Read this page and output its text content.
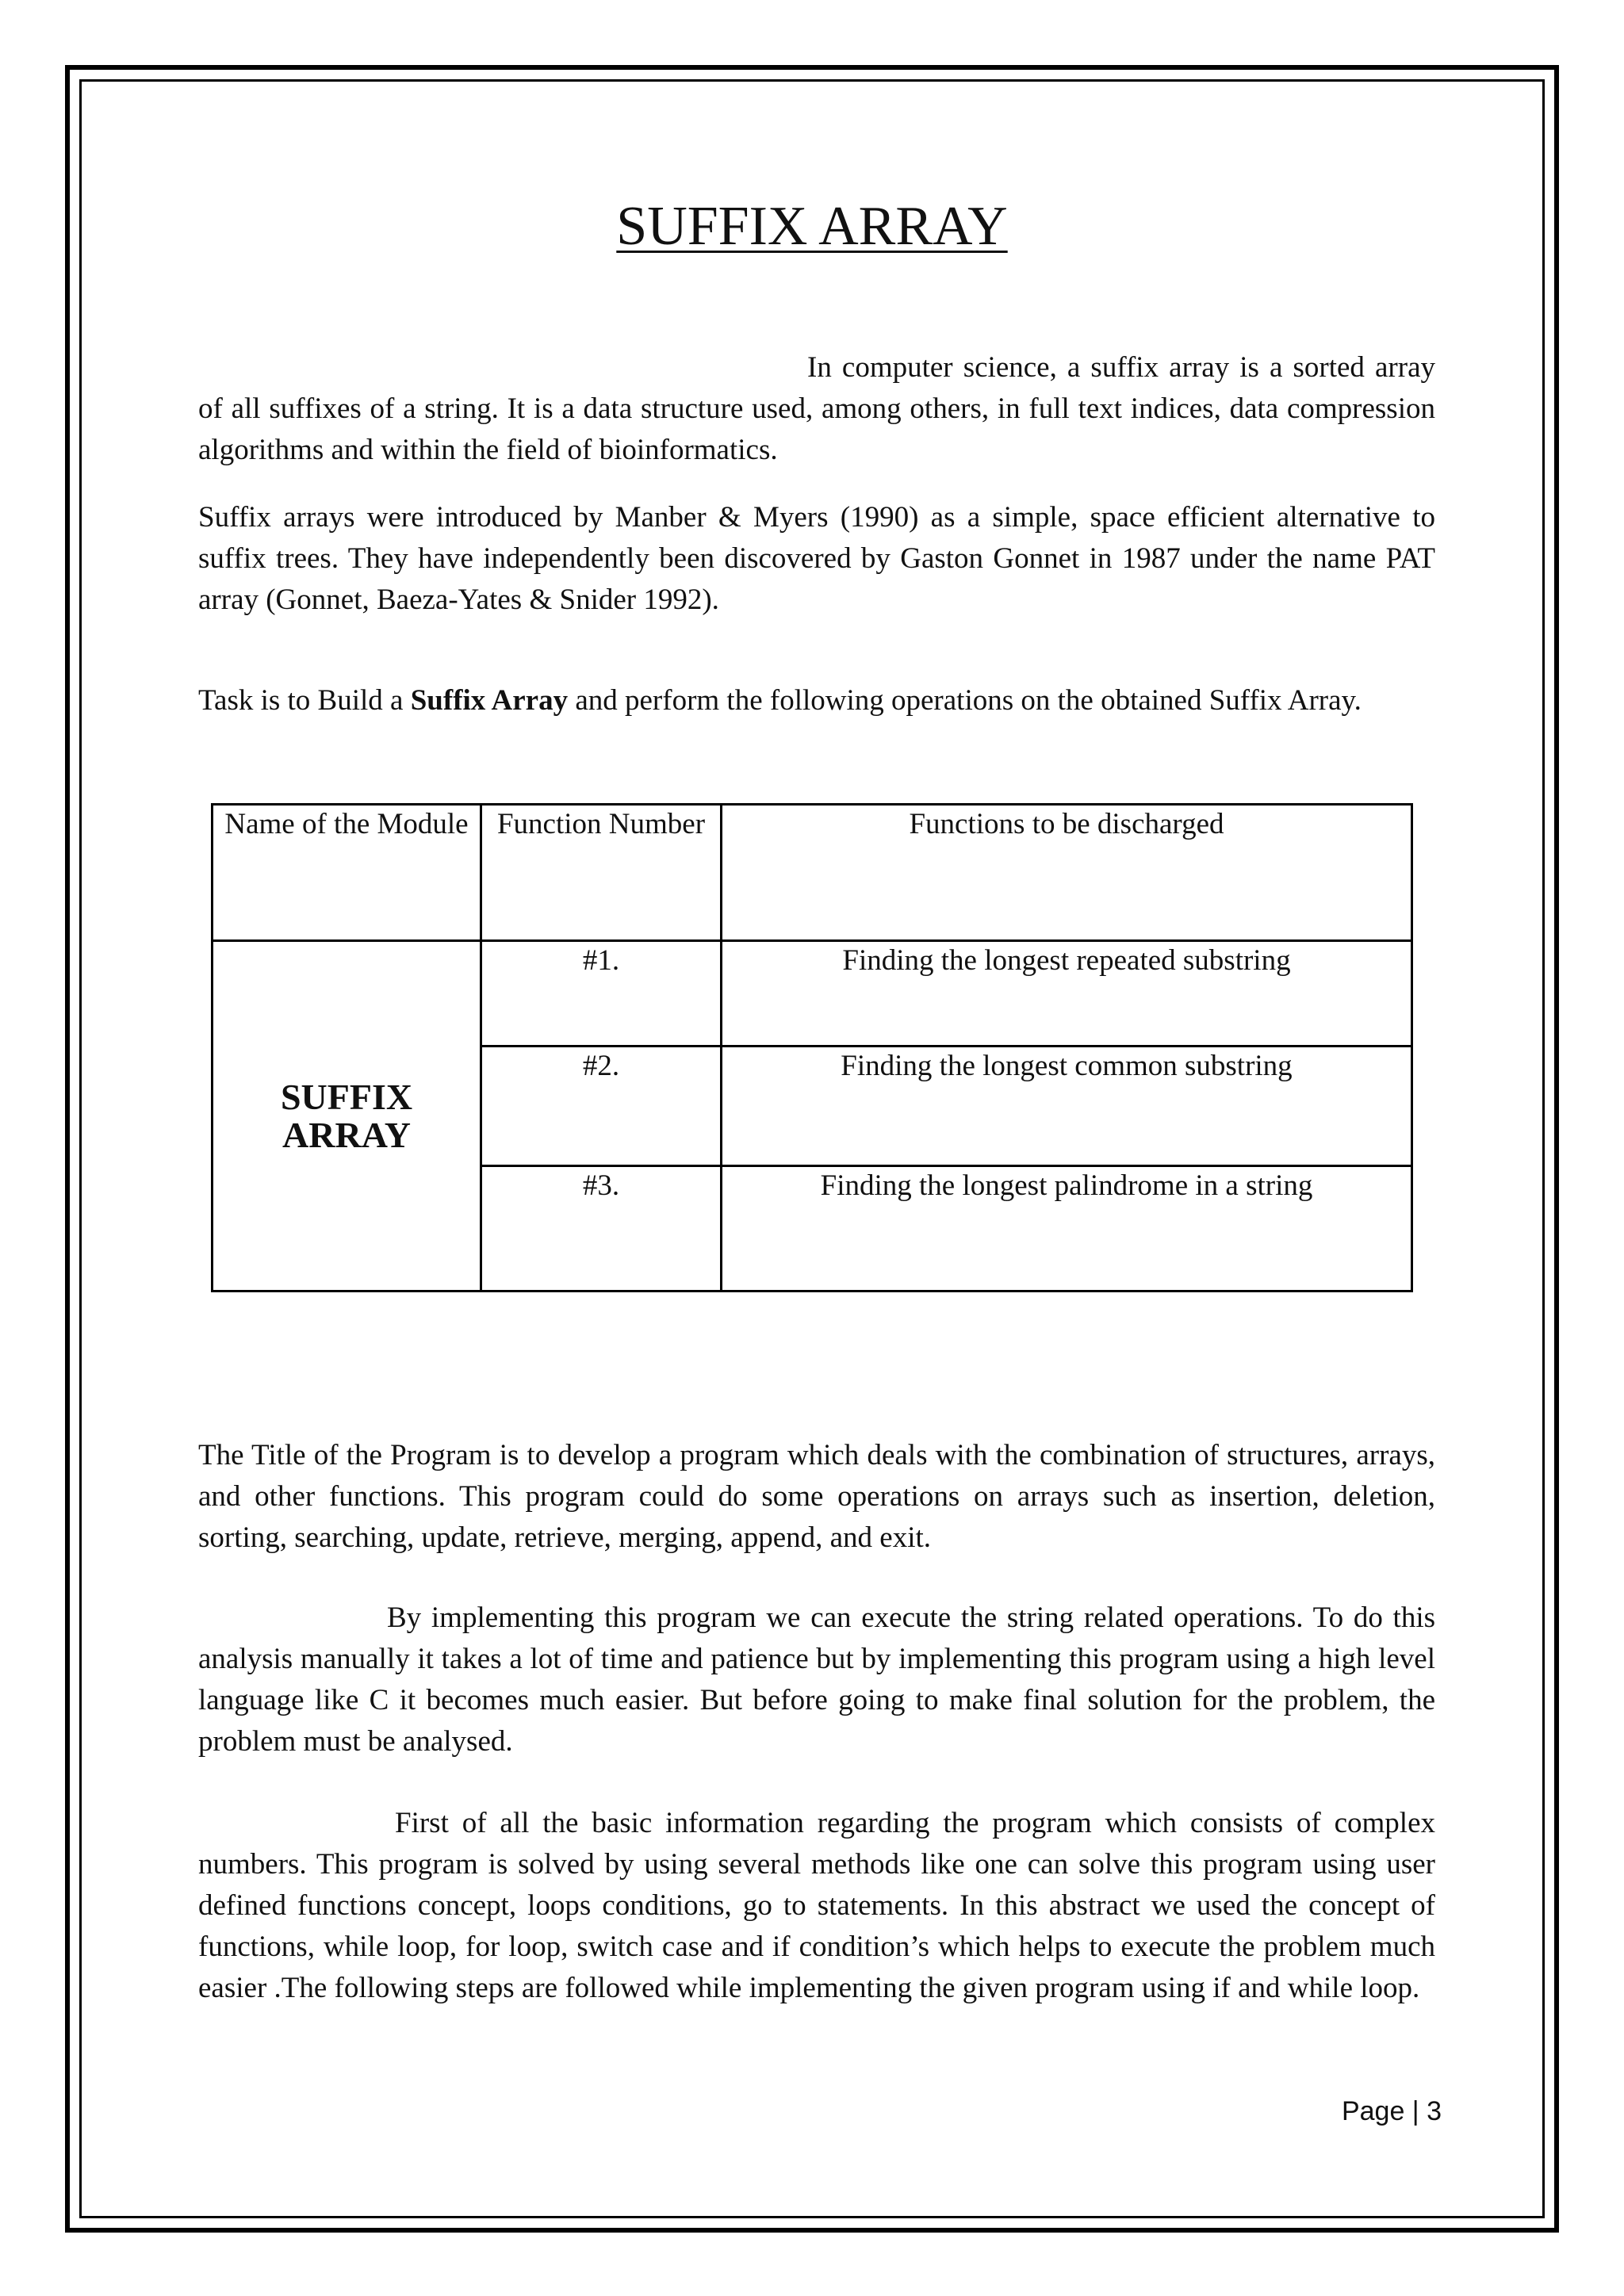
SUFFIX ARRAY

In computer science, a suffix array is a sorted array of all suffixes of a string. It is a data structure used, among others, in full text indices, data compression algorithms and within the field of bioinformatics.

Suffix arrays were introduced by Manber & Myers (1990) as a simple, space efficient alternative to suffix trees. They have independently been discovered by Gaston Gonnet in 1987 under the name PAT array (Gonnet, Baeza-Yates & Snider 1992).

Task is to Build a Suffix Array and perform the following operations on the obtained Suffix Array.

Name of the Module	Function Number	Functions to be discharged
SUFFIX ARRAY	#1.	Finding the longest repeated substring
	#2.	Finding the longest common substring
	#3.	Finding the longest palindrome in a string

The Title of the Program is to develop a program which deals with the combination of structures, arrays, and other functions. This program could do some operations on arrays such as insertion, deletion, sorting, searching, update, retrieve, merging, append, and exit.

By implementing this program we can execute the string related operations. To do this analysis manually it takes a lot of time and patience but by implementing this program using a high level language like C it becomes much easier. But before going to make final solution for the problem, the problem must be analysed.

First of all the basic information regarding the program which consists of complex numbers. This program is solved by using several methods like one can solve this program using user defined functions concept, loops conditions, go to statements. In this abstract we used the concept of functions, while loop, for loop, switch case and if condition’s which helps to execute the problem much easier .The following steps are followed while implementing the given program using if and while loop.

Page | 3
